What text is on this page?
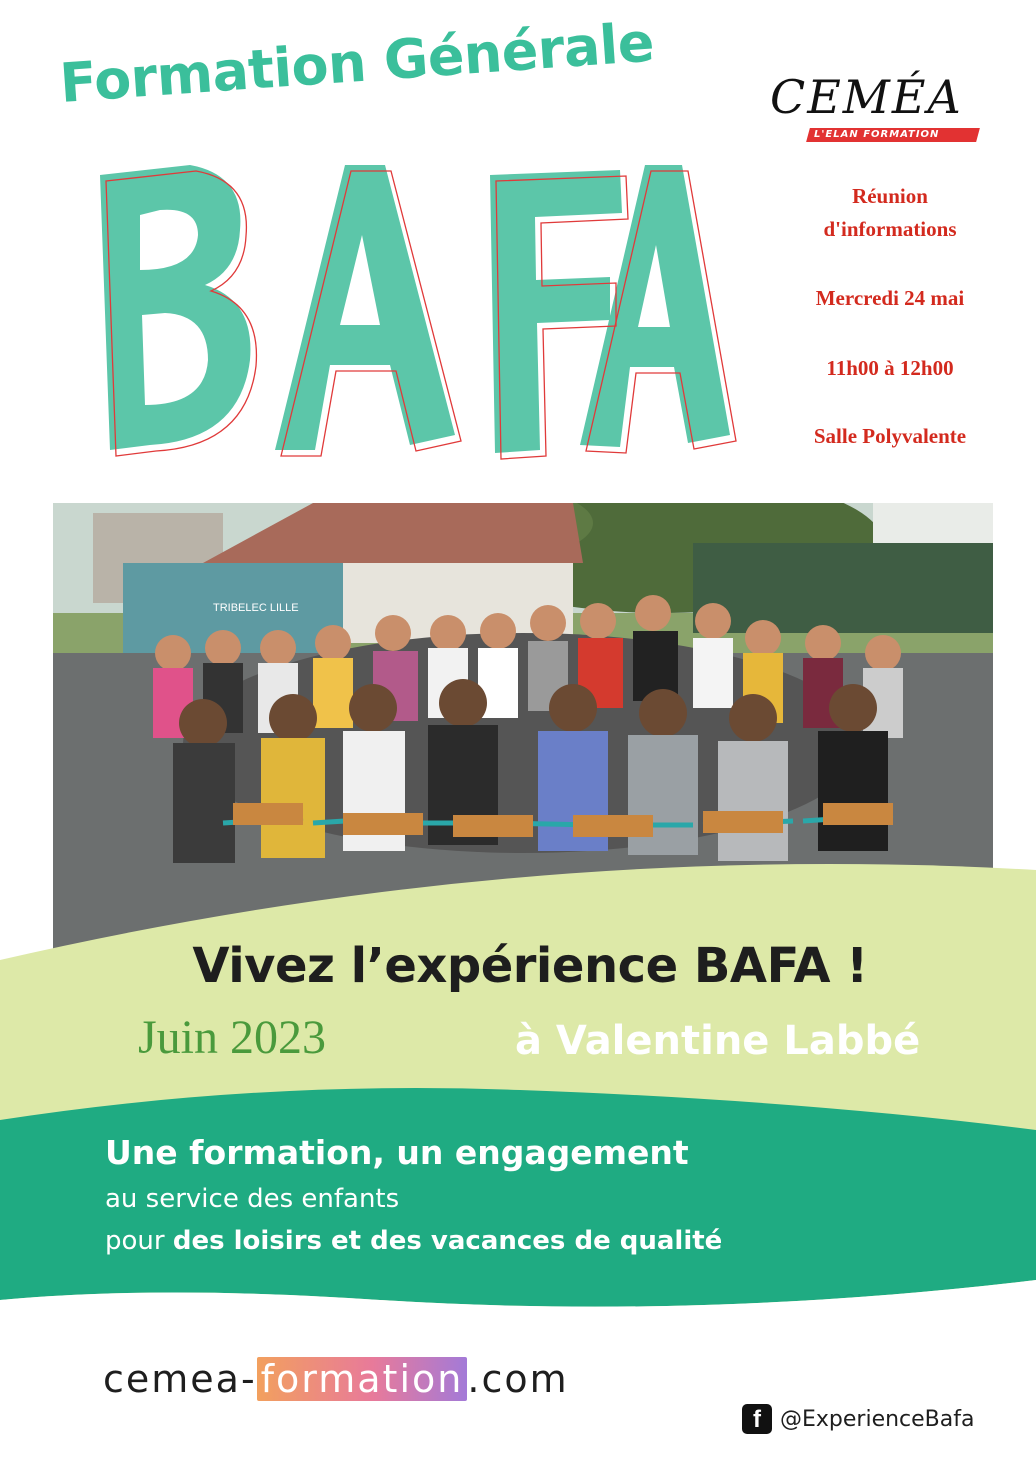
Formation Générale CEMÉA
L'ELAN FORMATION
Réunion
d'informations
Mercredi 24 mai
11h00 à 12h00
Salle Polyvalente
TRIBELEC LILLE
Vivez l’expérience BAFA !
Juin 2023	à Valentine Labbé
Une formation, un engagement
au service des enfants
pour des loisirs et des vacances de qualité
cemea- formation .com
f @ExperienceBafa
